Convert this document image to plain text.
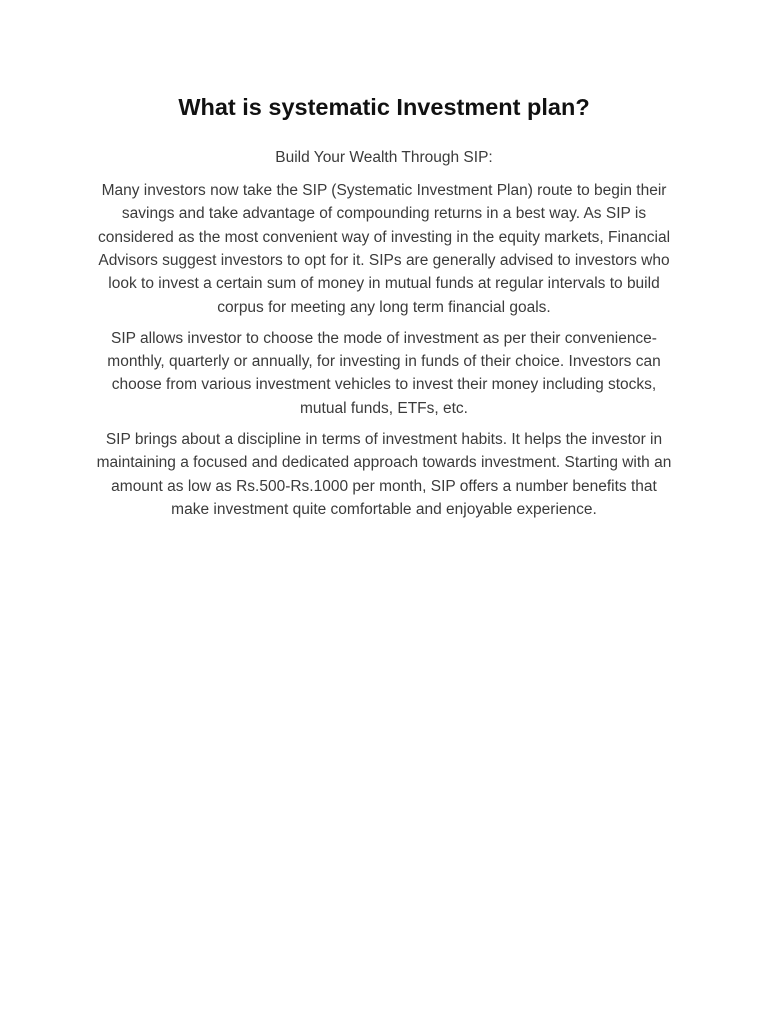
What is systematic Investment plan?

Build Your Wealth Through SIP:

Many investors now take the SIP (Systematic Investment Plan) route to begin their savings and take advantage of compounding returns in a best way. As SIP is considered as the most convenient way of investing in the equity markets, Financial Advisors suggest investors to opt for it. SIPs are generally advised to investors who look to invest a certain sum of money in mutual funds at regular intervals to build corpus for meeting any long term financial goals.

SIP allows investor to choose the mode of investment as per their convenience- monthly, quarterly or annually, for investing in funds of their choice. Investors can choose from various investment vehicles to invest their money including stocks, mutual funds, ETFs, etc.

SIP brings about a discipline in terms of investment habits. It helps the investor in maintaining a focused and dedicated approach towards investment. Starting with an amount as low as Rs.500-Rs.1000 per month, SIP offers a number benefits that make investment quite comfortable and enjoyable experience.
